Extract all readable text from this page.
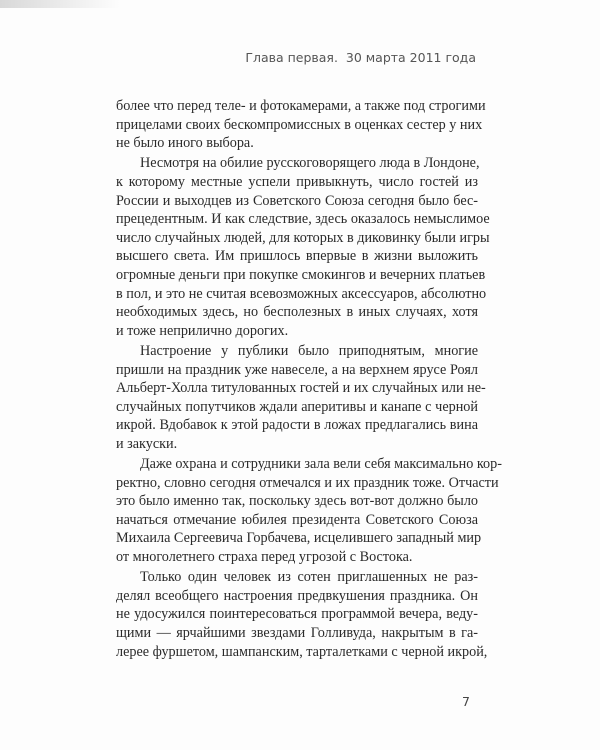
Глава первая.  30 марта 2011 года
более что перед теле- и фотокамерами, а также под строгими
прицелами своих бескомпромиссных в оценках сестер у них
не было иного выбора.
Несмотря на обилие русскоговорящего люда в Лондоне,
к которому местные успели привыкнуть, число гостей из
России и выходцев из Советского Союза сегодня было бес-
прецедентным. И как следствие, здесь оказалось немыслимое
число случайных людей, для которых в диковинку были игры
высшего света. Им пришлось впервые в жизни выложить
огромные деньги при покупке смокингов и вечерних платьев
в пол, и это не считая всевозможных аксессуаров, абсолютно
необходимых здесь, но бесполезных в иных случаях, хотя
и тоже неприлично дорогих.
Настроение у публики было приподнятым, многие
пришли на праздник уже навеселе, а на верхнем ярусе Роял
Альберт-Холла титулованных гостей и их случайных или не-
случайных попутчиков ждали аперитивы и канапе с черной
икрой. Вдобавок к этой радости в ложах предлагались вина
и закуски.
Даже охрана и сотрудники зала вели себя максимально кор-
ректно, словно сегодня отмечался и их праздник тоже. Отчасти
это было именно так, поскольку здесь вот-вот должно было
начаться отмечание юбилея президента Советского Союза
Михаила Сергеевича Горбачева, исцелившего западный мир
от многолетнего страха перед угрозой с Востока.
Только один человек из сотен приглашенных не раз-
делял всеобщего настроения предвкушения праздника. Он
не удосужился поинтересоваться программой вечера, веду-
щими — ярчайшими звездами Голливуда, накрытым в га-
лерее фуршетом, шампанским, тарталетками с черной икрой,
7
